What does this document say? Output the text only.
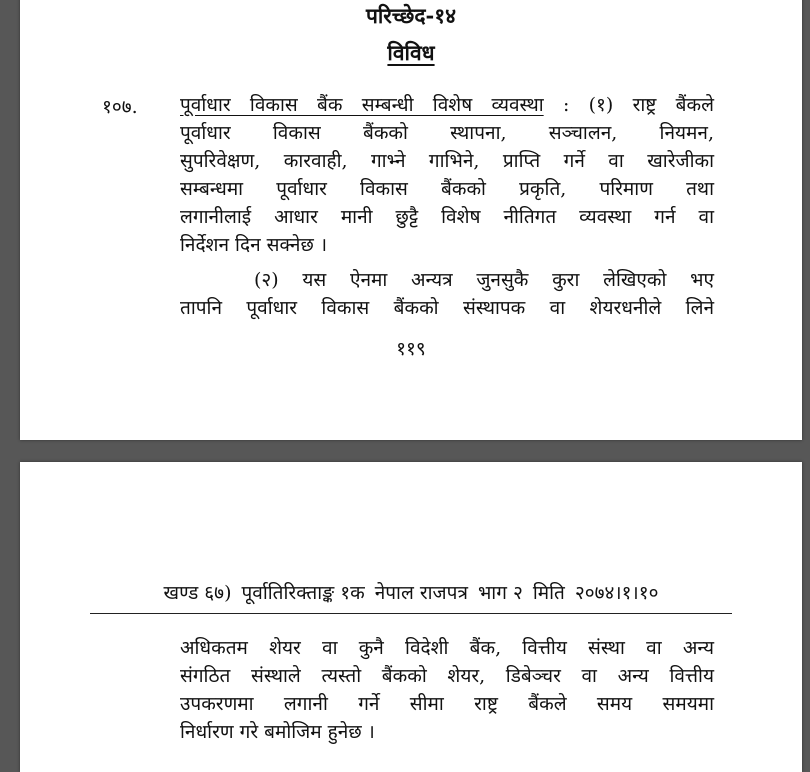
परिच्छेद-१४
विविध
१०७. पूर्वाधार विकास बैंक सम्बन्धी विशेष व्यवस्था : (१) राष्ट्र बैंकले
पूर्वाधार विकास बैंकको स्थापना, सञ्चालन, नियमन,
सुपरिवेक्षण, कारवाही, गाभ्ने गाभिने, प्राप्ति गर्ने वा खारेजीका
सम्बन्धमा पूर्वाधार विकास बैंकको प्रकृति, परिमाण तथा
लगानीलाई आधार मानी छुट्टै विशेष नीतिगत व्यवस्था गर्न वा
निर्देशन दिन सक्नेछ ।
(२) यस ऐनमा अन्यत्र जुनसुकै कुरा लेखिएको भए
तापनि पूर्वाधार विकास बैंकको संस्थापक वा शेयरधनीले लिने
११९
खण्ड ६७) पूर्वातिरिक्ताङ्क १क नेपाल राजपत्र भाग २ मिति २०७४।१।१०
अधिकतम शेयर वा कुनै विदेशी बैंक, वित्तीय संस्था वा अन्य
संगठित संस्थाले त्यस्तो बैंकको शेयर, डिबेञ्चर वा अन्य वित्तीय
उपकरणमा लगानी गर्ने सीमा राष्ट्र बैंकले समय समयमा
निर्धारण गरे बमोजिम हुनेछ ।
